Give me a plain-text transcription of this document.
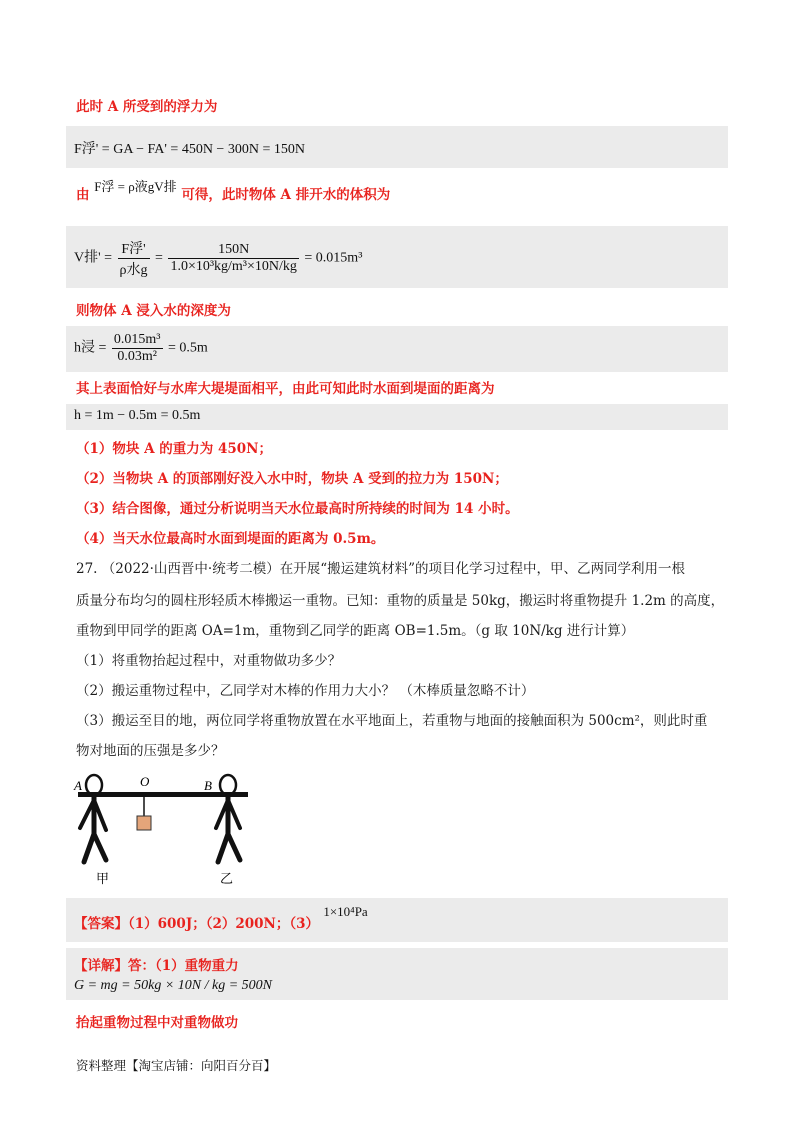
此时 A 所受到的浮力为
F浮' = GA − FA' = 450N − 300N = 150N
由 F浮 = ρ液gV排 可得，此时物体 A 排开水的体积为
V排' = $\frac{\text{F浮'}}{\text{ρ水g}} = \frac{150N}{\text{1.0×10³kg/m³×10N/kg}} = 0.015m^3$
则物体 A 浸入水的深度为
h浸 = $\frac{\text{0.015m³}}{\text{0.03m²}} = 0.5m$
其上表面恰好与水库大堤堤面相平，由此可知此时水面到堤面的距离为
h = 1m − 0.5m = 0.5m
（1）物块 A 的重力为 450N；
（2）当物块 A 的顶部刚好没入水中时，物块 A 受到的拉力为 150N；
（3）结合图像，通过分析说明当天水位最高时所持续的时间为 14 小时。
（4）当天水位最高时水面到堤面的距离为 0.5m。
27. （2022·山西晋中·统考二模）在开展“搬运建筑材料”的项目化学习过程中，甲、乙两同学利用一根
质量分布均匀的圆柱形轻质木棒搬运一重物。已知：重物的质量是 50kg，搬运时将重物提升 1.2m 的高度，
重物到甲同学的距离 OA=1m，重物到乙同学的距离 OB=1.5m。（g 取 10N/kg 进行计算）
（1）将重物抬起过程中，对重物做功多少？
（2）搬运重物过程中，乙同学对木棒的作用力大小？ （木棒质量忽略不计）
（3）搬运至目的地，两位同学将重物放置在水平地面上，若重物与地面的接触面积为 500cm²，则此时重
物对地面的压强是多少？
A	O	B
甲	乙
【答案】（1）600J；（2）200N；（3） 1×10⁴Pa
【详解】答：（1）重物重力
G = mg = 50kg × 10N / kg = 500N
抬起重物过程中对重物做功
资料整理【淘宝店铺：向阳百分百】
